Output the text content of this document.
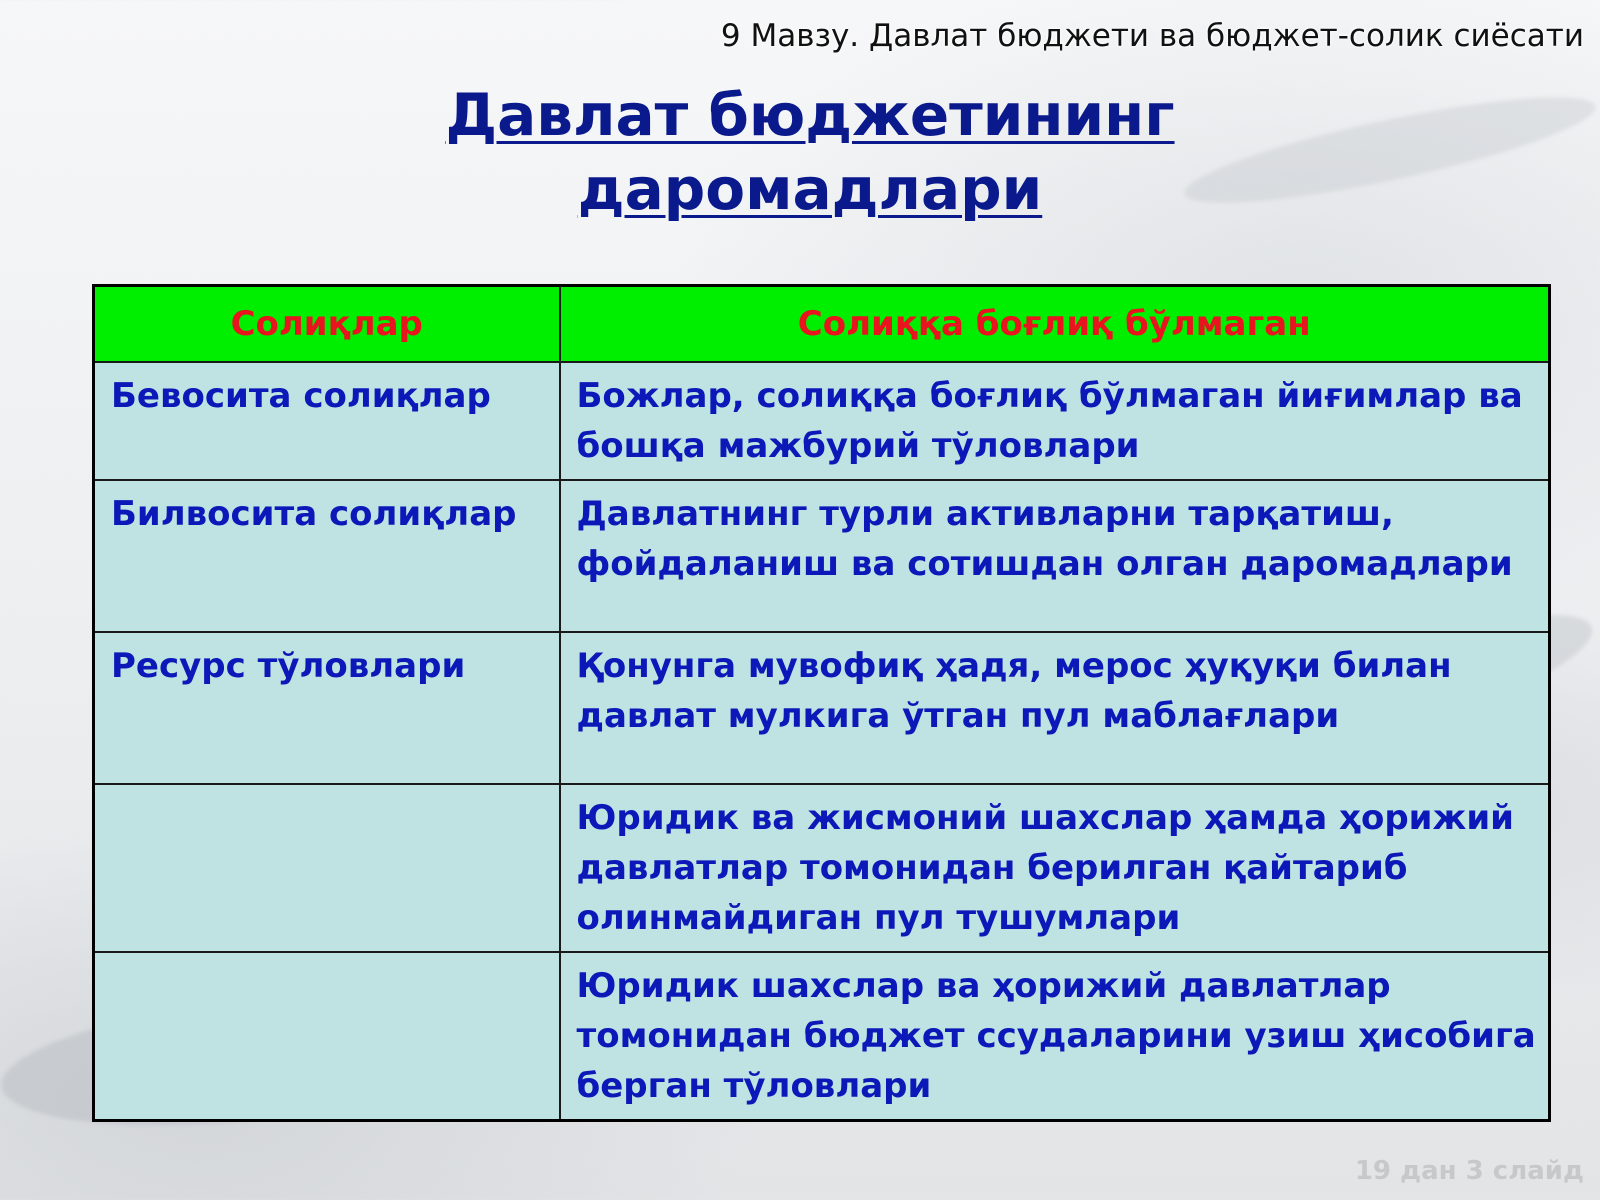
9 Мавзу. Давлат бюджети ва бюджет-солик сиёсати
Давлат бюджетининг
даромадлари
Солиқлар	Солиққа боғлиқ бўлмаган

Бевосита солиқлар	Божлар, солиққа боғлиқ бўлмаган йиғимлар ва бошқа мажбурий тўловлари

Билвосита солиқлар	Давлатнинг турли активларни тарқатиш, фойдаланиш ва сотишдан олган даромадлари

Ресурс тўловлари	Қонунга мувофиқ ҳадя, мерос ҳуқуқи билан давлат мулкига ўтган пул маблағлари

	Юридик ва жисмоний шахслар ҳамда ҳорижий давлатлар томонидан берилган қайтариб олинмайдиган пул тушумлари

	Юридик шахслар ва ҳорижий давлатлар томонидан бюджет ссудаларини узиш ҳисобига берган тўловлари
19 дан 3 слайд
